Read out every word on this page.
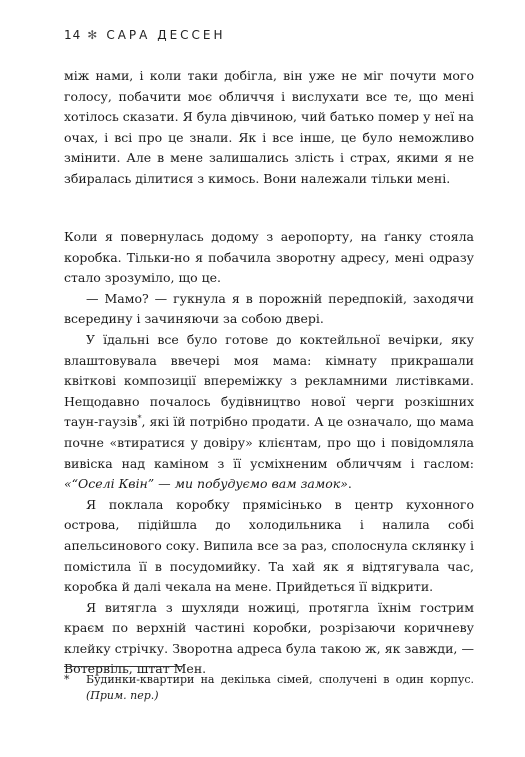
14 ✻ САРА ДЕССЕН

між нами, і коли таки добігла, він уже не міг почути мого голосу, побачити моє обличчя і вислухати все те, що мені хотілось сказати. Я була дівчиною, чий батько помер у неї на очах, і всі про це знали. Як і все інше, це було неможливо змінити. Але в мене залишались злість і страх, якими я не збиралась ділитися з кимось. Вони належали тільки мені.

Коли я повернулась додому з аеропорту, на ґанку стояла коробка. Тільки-но я побачила зворотну адресу, мені одразу стало зрозуміло, що це.

— Мамо? — гукнула я в порожній передпокій, заходячи всередину і зачиняючи за собою двері.

У їдальні все було готове до коктейльної вечірки, яку влаштовувала ввечері моя мама: кімнату прикрашали квіткові композиції впереміжку з рекламними листівками. Нещодавно почалось будівництво нової черги розкішних таун-гаузів*, які їй потрібно продати. А це означало, що мама почне «втиратися у довіру» клієнтам, про що і повідомляла вивіска над каміном з її усміхненим обличчям і гаслом: «“Оселі Квін” — ми побудуємо вам замок».

Я поклала коробку прямісінько в центр кухонного острова, підійшла до холодильника і налила собі апельсинового соку. Випила все за раз, сполоснула склянку і помістила її в посудомийку. Та хай як я відтягувала час, коробка й далі чекала на мене. Прийдеться її відкрити.

Я витягла з шухляди ножиці, протягла їхнім гострим краєм по верхній частині коробки, розрізаючи коричневу клейку стрічку. Зворотна адреса була такою ж, як завжди, — Вотервіль, штат Мен.

*	Будинки-квартири на декілька сімей, сполучені в один корпус. (Прим. пер.)
